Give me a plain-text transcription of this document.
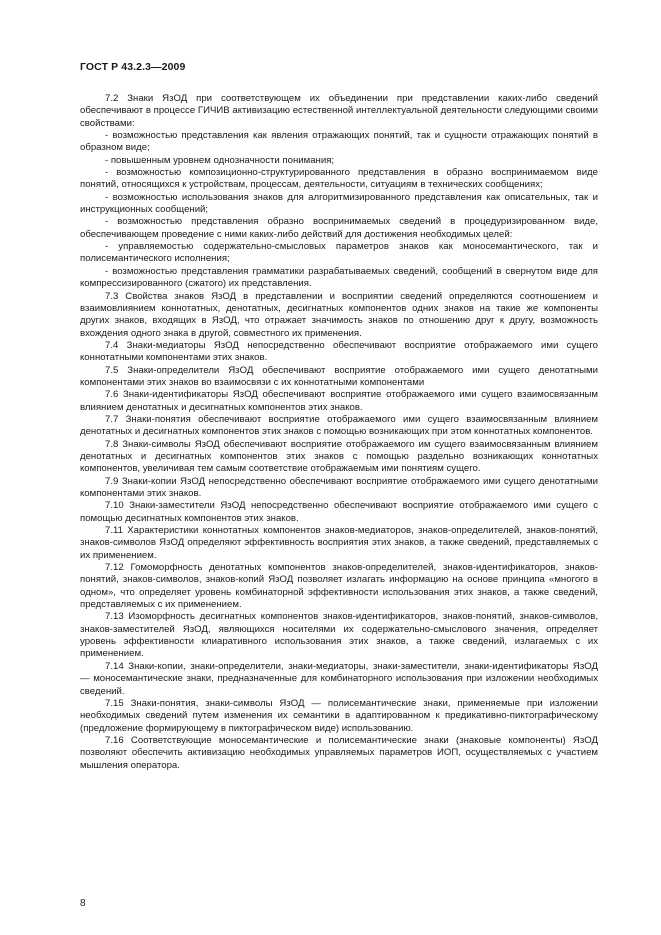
ГОСТ Р 43.2.3—2009

7.2 Знаки ЯзОД при соответствующем их объединении при представлении каких-либо сведений обеспечивают в процессе ГИЧИВ активизацию естественной интеллектуальной деятельности следующими своими свойствами:

- возможностью представления как явления отражающих понятий, так и сущности отражающих понятий в образном виде;

- повышенным уровнем однозначности понимания;

- возможностью композиционно-структурированного представления в образно воспринимаемом виде понятий, относящихся к устройствам, процессам, деятельности, ситуациям в технических сообщениях;

- возможностью использования знаков для алгоритмизированного представления как описательных, так и инструкционных сообщений;

- возможностью представления образно воспринимаемых сведений в процедуризированном виде, обеспечивающем проведение с ними каких-либо действий для достижения необходимых целей:

- управляемостью содержательно-смысловых параметров знаков как моносемантического, так и полисемантического исполнения;

- возможностью представления грамматики разрабатываемых сведений, сообщений в свернутом виде для компрессизированного (сжатого) их представления.

7.3 Свойства знаков ЯзОД в представлении и восприятии сведений определяются соотношением и взаимовлиянием коннотатных, денотатных, десигнатных компонентов одних знаков на такие же компоненты других знаков, входящих в ЯзОД, что отражает значимость знаков по отношению друг к другу, возможность вхождения одного знака в другой, совместного их применения.

7.4 Знаки-медиаторы ЯзОД непосредственно обеспечивают восприятие отображаемого ими сущего коннотатными компонентами этих знаков.

7.5 Знаки-определители ЯзОД обеспечивают восприятие отображаемого ими сущего денотатными компонентами этих знаков во взаимосвязи с их коннотатными компонентами

7.6 Знаки-идентификаторы ЯзОД обеспечивают восприятие отображаемого ими сущего взаимосвязанным влиянием денотатных и десигнатных компонентов этих знаков.

7.7 Знаки-понятия обеспечивают восприятие отображаемого ими сущего взаимосвязанным влиянием денотатных и десигнатных компонентов этих знаков с помощью возникающих при этом коннотатных компонентов.

7.8 Знаки-символы ЯзОД обеспечивают восприятие отображаемого им сущего взаимосвязанным влиянием денотатных и десигнатных компонентов этих знаков с помощью раздельно возникающих коннотатных компонентов, увеличивая тем самым соответствие отображаемым ими понятиям сущего.

7.9 Знаки-копии ЯзОД непосредственно обеспечивают восприятие отображаемого ими сущего денотатными компонентами этих знаков.

7.10 Знаки-заместители ЯзОД непосредственно обеспечивают восприятие отображаемого ими сущего с помощью десигнатных компонентов этих знаков.

7.11 Характеристики коннотатных компонентов знаков-медиаторов, знаков-определителей, знаков-понятий, знаков-символов ЯзОД определяют эффективность восприятия этих знаков, а также сведений, представляемых с их применением.

7.12 Гомоморфность денотатных компонентов знаков-определителей, знаков-идентификаторов, знаков-понятий, знаков-символов, знаков-копий ЯзОД позволяет излагать информацию на основе принципа «многого в одном», что определяет уровень комбинаторной эффективности использования этих знаков, а также сведений, представляемых с их применением.

7.13 Изоморфность десигнатных компонентов знаков-идентификаторов, знаков-понятий, знаков-символов, знаков-заместителей ЯзОД, являющихся носителями их содержательно-смыслового значения, определяет уровень эффективности клиаративного использования этих знаков, а также сведений, излагаемых с их применением.

7.14 Знаки-копии, знаки-определители, знаки-медиаторы, знаки-заместители, знаки-идентификаторы ЯзОД — моносемантические знаки, предназначенные для комбинаторного использования при изложении необходимых сведений.

7.15 Знаки-понятия, знаки-символы ЯзОД — полисемантические знаки, применяемые при изложении необходимых сведений путем изменения их семантики в адаптированном к предикативно-пиктографическому (предложение формирующему в пиктографическом виде) использованию.

7.16 Соответствующие моносемантические и полисемантические знаки (знаковые компоненты) ЯзОД позволяют обеспечить активизацию необходимых управляемых параметров ИОП, осуществляемых с участием мышления оператора.

8
